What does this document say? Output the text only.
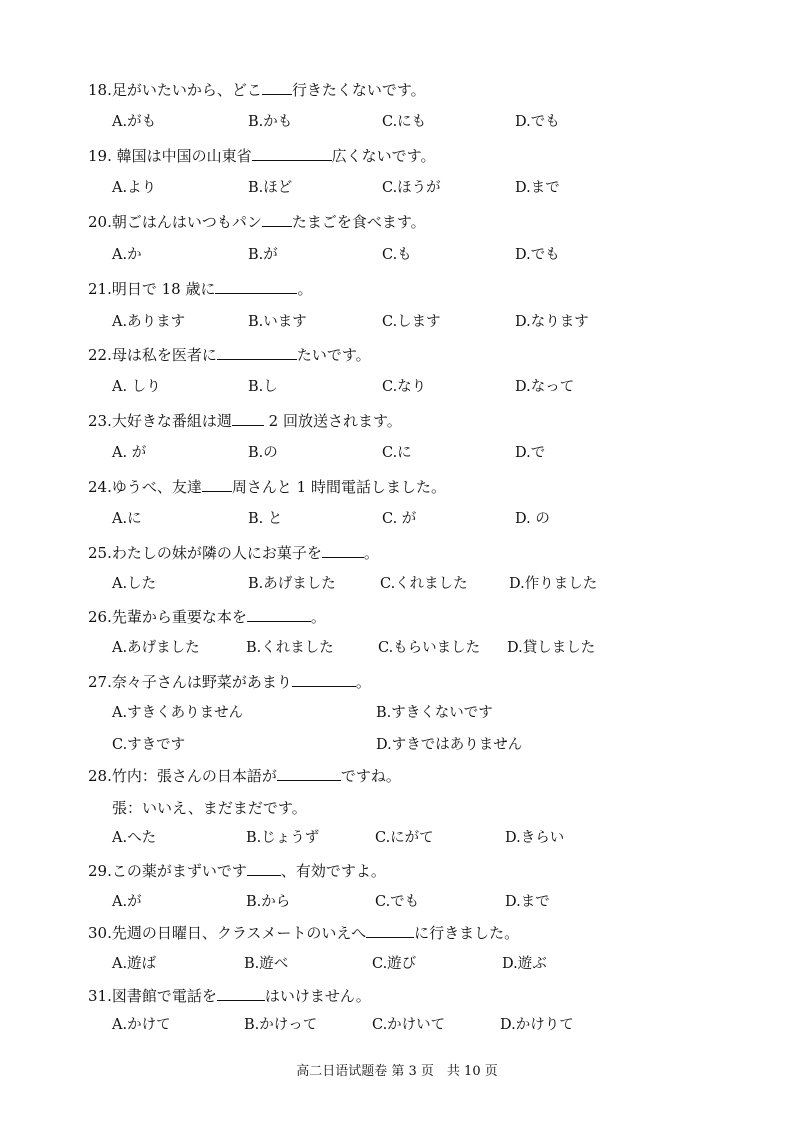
18.足がいたいから、どこ 行きたくないです。
A.がも	B.かも	C.にも	D.でも
19. 韓国は中国の山東省	広くないです。
A.より	B.ほど	C.ほうが	D.まで
20.朝ごはんはいつもパン たまごを食べます。
A.か	B.が	C.も	D.でも
21.明日で 18 歳に	。
A.あります	B.います	C.します	D.なります
22.母は私を医者に	たいです。
A. しり	B.し	C.なり	D.なって
23.大好きな番組は週 2 回放送されます。
A. が	B.の	C.に	D.で
24.ゆうべ、友達 周さんと 1 時間電話しました。
A.に	B. と	C. が	D. の
25.わたしの妹が隣の人にお菓子を	。
A.した	B.あげました	C.くれました	D.作りました
26.先輩から重要な本を	。
A.あげました	B.くれました	C.もらいました D.貸しました
27.奈々子さんは野菜があまり	。
A.すきくありません	B.すきくないです
C.すきです	D.すきではありません
28.竹内：張さんの日本語が	ですね。
張：いいえ、まだまだです。
A.へた	B.じょうず	C.にがて	D.きらい
29.この薬がまずいです 、有効ですよ。
A.が	B.から	C.でも	D.まで
30.先週の日曜日、クラスメートのいえへ	に行きました。
A.遊ば	B.遊べ	C.遊び	D.遊ぶ
31.図書館で電話を	はいけません。
A.かけて	B.かけって	C.かけいて	D.かけりて
高二日语试题卷 第 3 页　共 10 页
